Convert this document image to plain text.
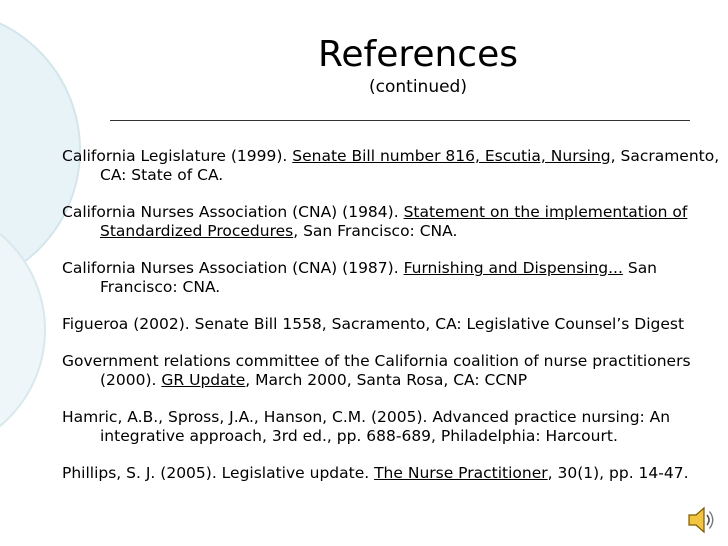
References
(continued)

California Legislature (1999). Senate Bill number 816, Escutia, Nursing, Sacramento, CA: State of CA.

California Nurses Association (CNA) (1984). Statement on the implementation of Standardized Procedures, San Francisco: CNA.

California Nurses Association (CNA) (1987). Furnishing and Dispensing... San Francisco: CNA.

Figueroa (2002). Senate Bill 1558, Sacramento, CA: Legislative Counsel’s Digest

Government relations committee of the California coalition of nurse practitioners (2000). GR Update, March 2000, Santa Rosa, CA: CCNP

Hamric, A.B., Spross, J.A., Hanson, C.M. (2005). Advanced practice nursing: An integrative approach, 3rd ed., pp. 688-689, Philadelphia: Harcourt.

Phillips, S. J. (2005). Legislative update. The Nurse Practitioner, 30(1), pp. 14-47.
